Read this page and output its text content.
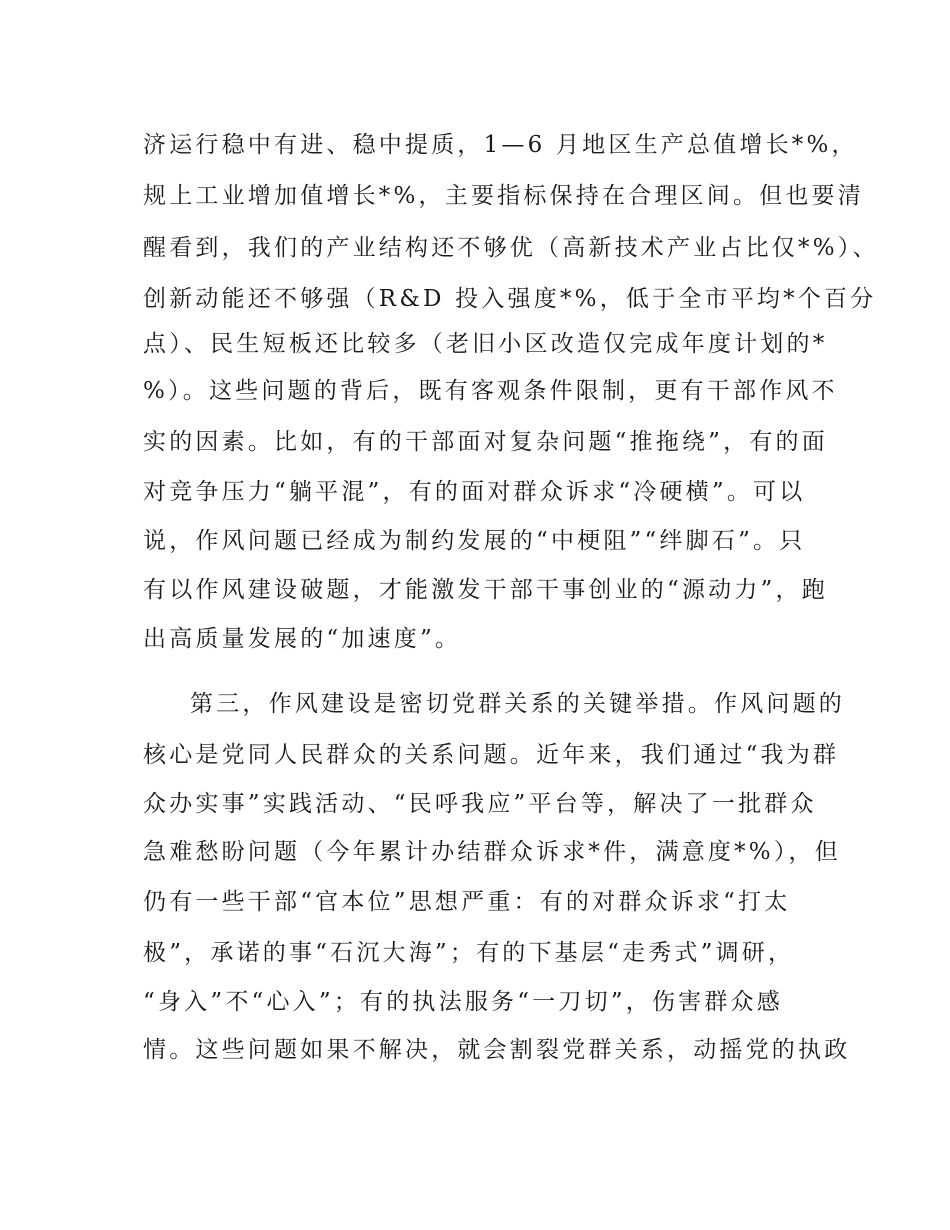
济运行稳中有进、稳中提质，1—6 月地区生产总值增长*%，
规上工业增加值增长*%，主要指标保持在合理区间。但也要清
醒看到，我们的产业结构还不够优（高新技术产业占比仅*%）、
创新动能还不够强（R&D 投入强度*%，低于全市平均*个百分
点）、民生短板还比较多（老旧小区改造仅完成年度计划的*
%）。这些问题的背后，既有客观条件限制，更有干部作风不
实的因素。比如，有的干部面对复杂问题“推拖绕”，有的面
对竞争压力“躺平混”，有的面对群众诉求“冷硬横”。可以
说，作风问题已经成为制约发展的“中梗阻”“绊脚石”。只
有以作风建设破题，才能激发干部干事创业的“源动力”，跑
出高质量发展的“加速度”。
第三，作风建设是密切党群关系的关键举措。作风问题的
核心是党同人民群众的关系问题。近年来，我们通过“我为群
众办实事”实践活动、“民呼我应”平台等，解决了一批群众
急难愁盼问题（今年累计办结群众诉求*件，满意度*%），但
仍有一些干部“官本位”思想严重：有的对群众诉求“打太
极”，承诺的事“石沉大海”；有的下基层“走秀式”调研，
“身入”不“心入”；有的执法服务“一刀切”，伤害群众感
情。这些问题如果不解决，就会割裂党群关系，动摇党的执政
